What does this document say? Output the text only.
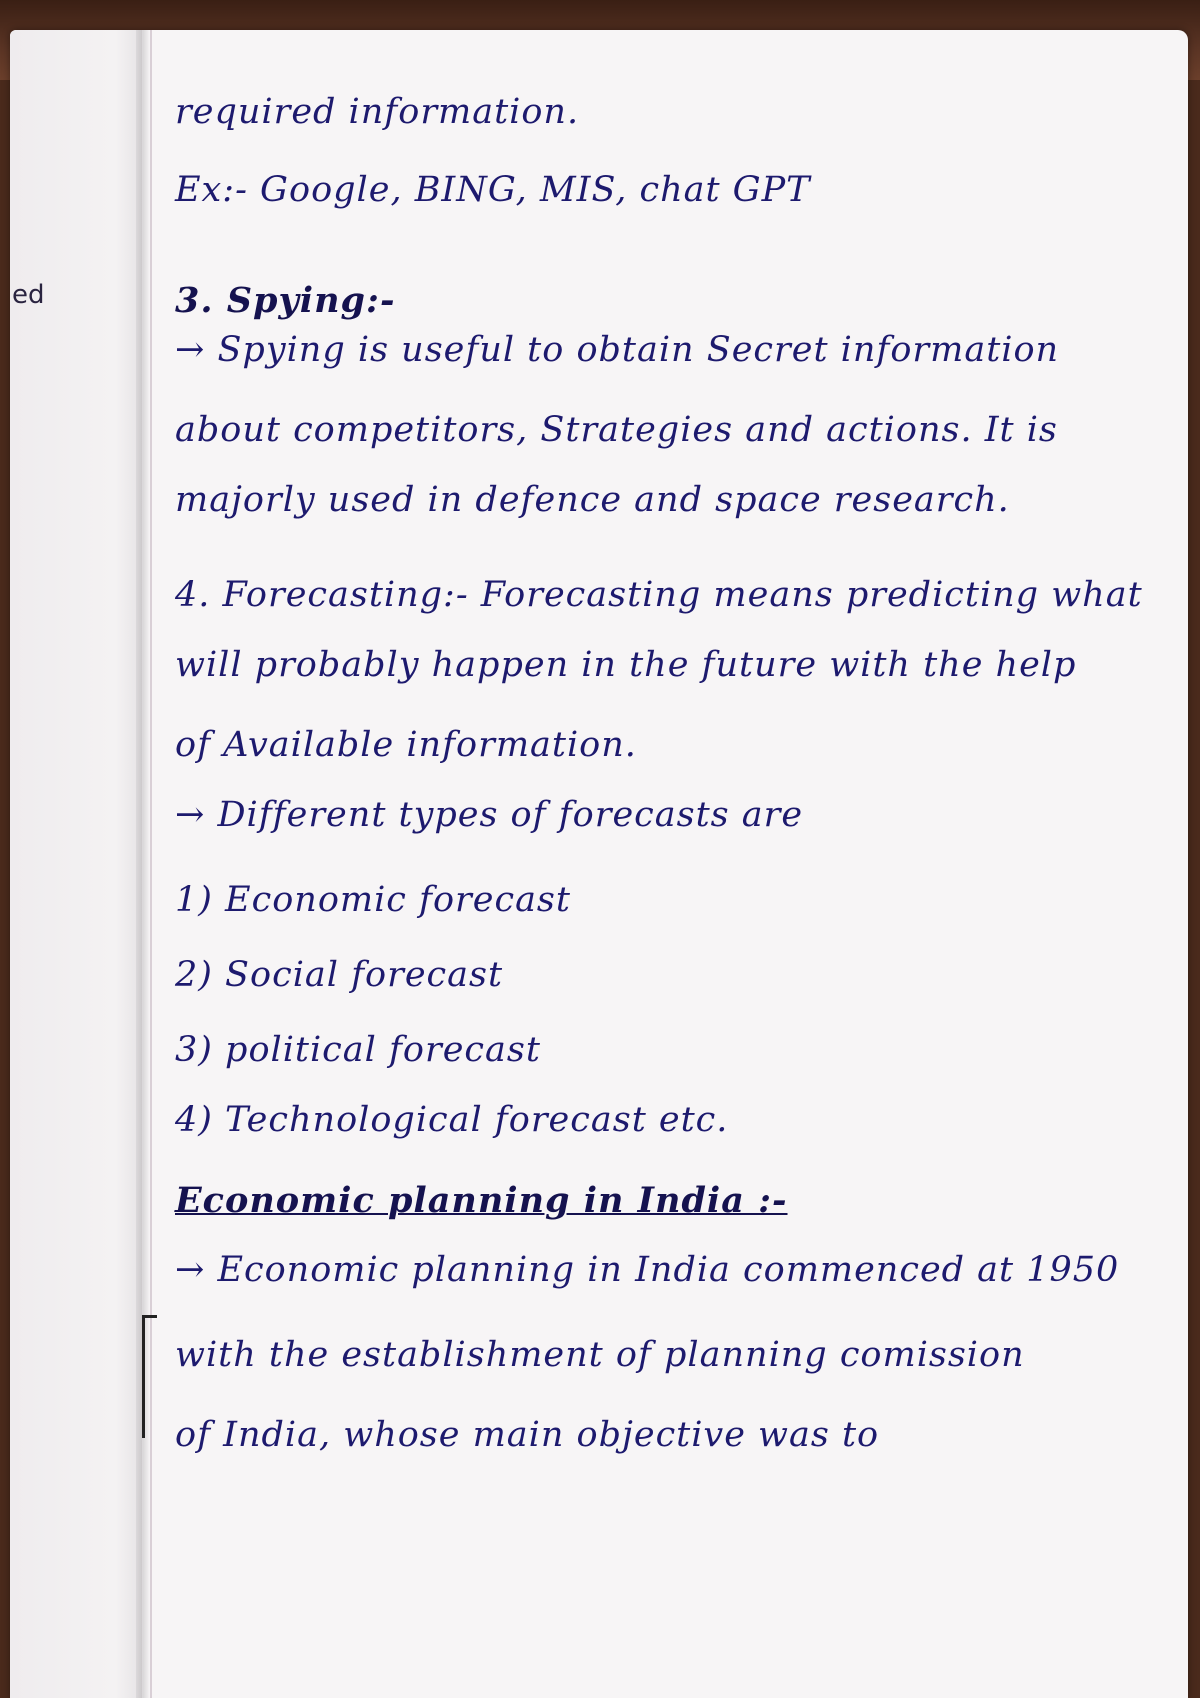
ed
required information.
Ex:- Google, BING, MIS, chat GPT
3. Spying:-
→ Spying is useful to obtain Secret information
about competitors, Strategies and actions. It is
majorly used in defence and space research.
4. Forecasting:- Forecasting means predicting what
will probably happen in the future with the help
of Available information.
→ Different types of forecasts are
1) Economic forecast
2) Social forecast
3) political forecast
4) Technological forecast etc.
Economic planning in India :-
→ Economic planning in India commenced at 1950
with the establishment of planning comission
of India, whose main objective was to
